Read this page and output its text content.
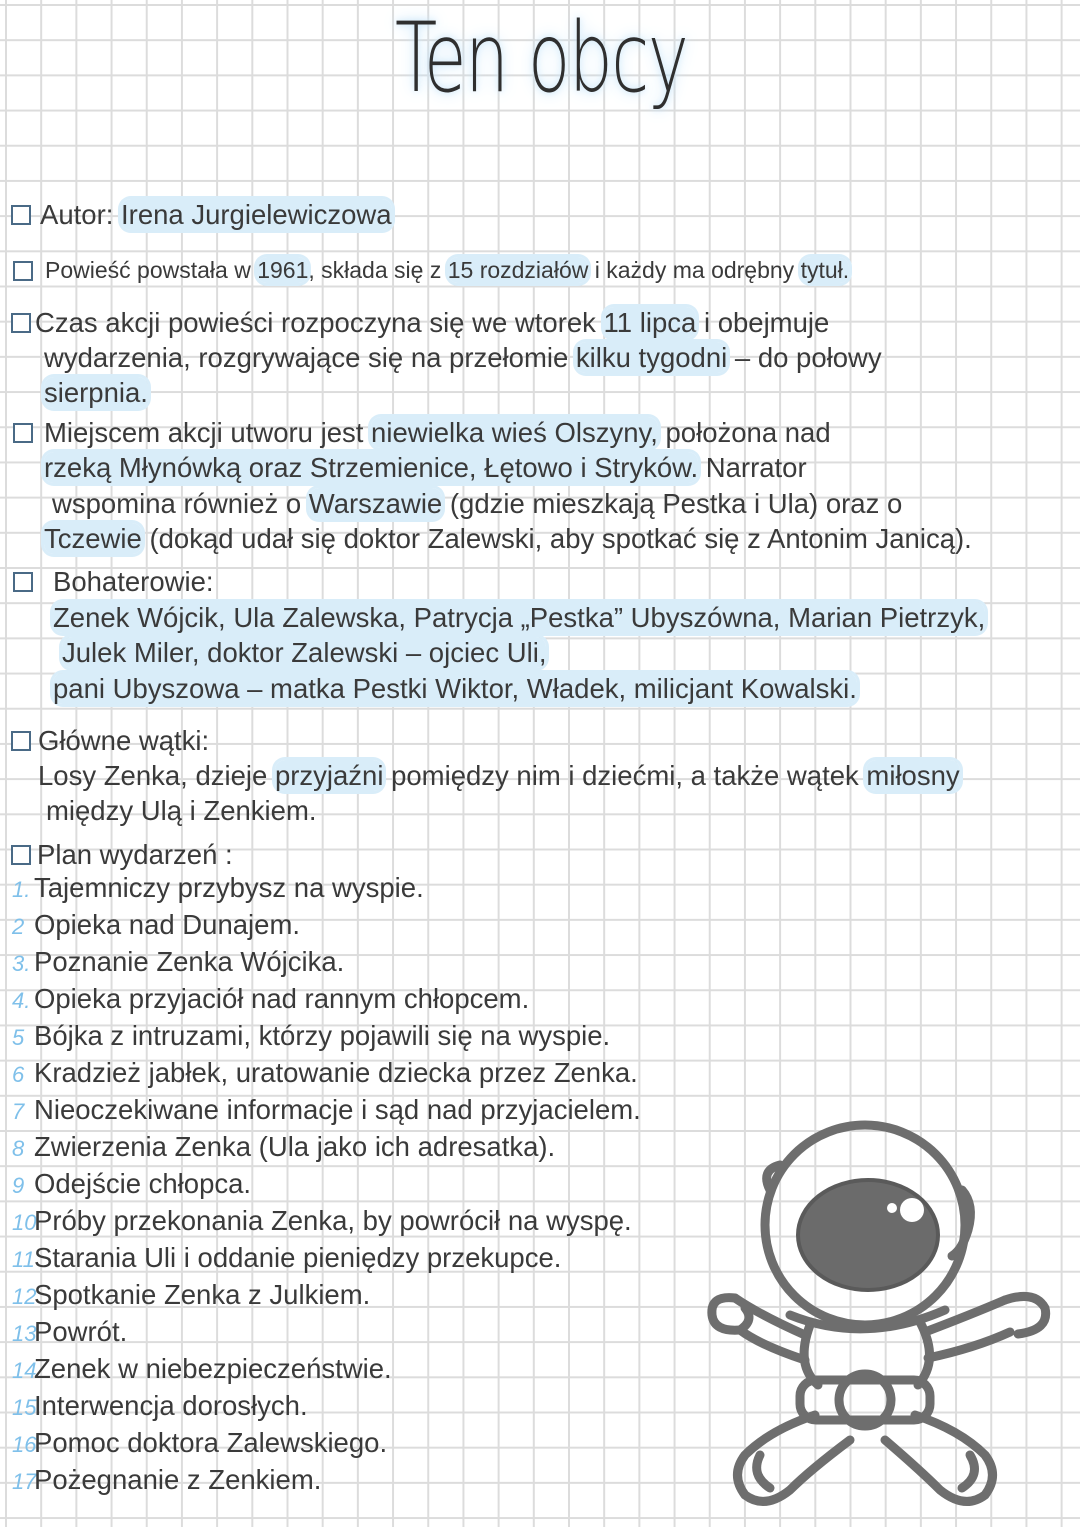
Ten obcy
Autor: Irena Jurgielewiczowa
Powieść powstała w 1961, składa się z 15 rozdziałów i każdy ma odrębny tytuł.
Czas akcji powieści rozpoczyna się we wtorek 11 lipca i obejmuje
wydarzenia, rozgrywające się na przełomie kilku tygodni – do połowy
sierpnia.
Miejscem akcji utworu jest niewielka wieś Olszyny, położona nad
rzeką Młynówką oraz Strzemienice, Łętowo i Stryków. Narrator
wspomina również o Warszawie (gdzie mieszkają Pestka i Ula) oraz o
Tczewie (dokąd udał się doktor Zalewski, aby spotkać się z Antonim Janicą).
Bohaterowie:
Zenek Wójcik, Ula Zalewska, Patrycja „Pestka” Ubyszówna, Marian Pietrzyk,
Julek Miler, doktor Zalewski – ojciec Uli,
pani Ubyszowa – matka Pestki Wiktor, Władek, milicjant Kowalski.
Główne wątki:
Losy Zenka, dzieje przyjaźni pomiędzy nim i dziećmi, a także wątek miłosny
między Ulą i Zenkiem.
Plan wydarzeń :
1. Tajemniczy przybysz na wyspie.
2 Opieka nad Dunajem.
3. Poznanie Zenka Wójcika.
4. Opieka przyjaciół nad rannym chłopcem.
5 Bójka z intruzami, którzy pojawili się na wyspie.
6 Kradzież jabłek, uratowanie dziecka przez Zenka.
7 Nieoczekiwane informacje i sąd nad przyjacielem.
8 Zwierzenia Zenka (Ula jako ich adresatka).
9 Odejście chłopca.
10Próby przekonania Zenka, by powrócił na wyspę.
11Starania Uli i oddanie pieniędzy przekupce.
12Spotkanie Zenka z Julkiem.
13Powrót.
14Zenek w niebezpieczeństwie.
15Interwencja dorosłych.
16Pomoc doktora Zalewskiego.
17Pożegnanie z Zenkiem.
